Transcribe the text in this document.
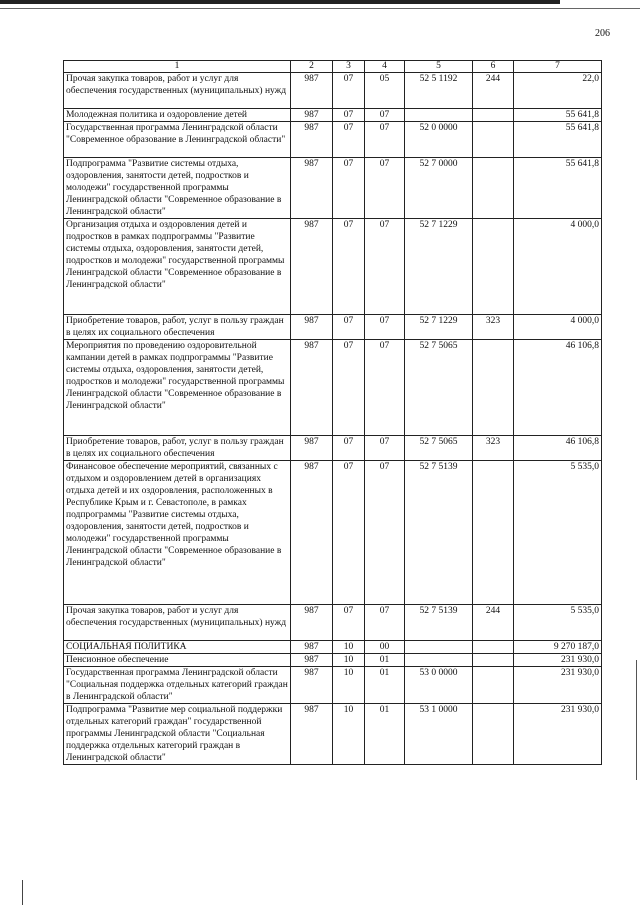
206
1	2	3	4	5	6	7
Прочая закупка товаров, работ и услуг для обеспечения государственных (муниципальных) нужд	987	07	05	52 5 1192	244	22,0
Молодежная политика и оздоровление детей	987	07	07			55 641,8
Государственная программа Ленинградской области "Современное образование в Ленинградской области"	987	07	07	52 0 0000		55 641,8
Подпрограмма "Развитие системы отдыха, оздоровления, занятости детей, подростков и молодежи" государственной программы Ленинградской области "Современное образование в Ленинградской области"	987	07	07	52 7 0000		55 641,8
Организация отдыха и оздоровления детей и подростков в рамках подпрограммы "Развитие системы отдыха, оздоровления, занятости детей, подростков и молодежи" государственной программы Ленинградской области "Современное образование в Ленинградской области"	987	07	07	52 7 1229		4 000,0
Приобретение товаров, работ, услуг в пользу граждан в целях их социального обеспечения	987	07	07	52 7 1229	323	4 000,0
Мероприятия по проведению оздоровительной кампании детей в рамках подпрограммы "Развитие системы отдыха, оздоровления, занятости детей, подростков и молодежи" государственной программы Ленинградской области "Современное образование в Ленинградской области"	987	07	07	52 7 5065		46 106,8
Приобретение товаров, работ, услуг в пользу граждан в целях их социального обеспечения	987	07	07	52 7 5065	323	46 106,8
Финансовое обеспечение мероприятий, связанных с отдыхом и оздоровлением детей в организациях отдыха детей и их оздоровления, расположенных в Республике Крым и г. Севастополе, в рамках подпрограммы "Развитие системы отдыха, оздоровления, занятости детей, подростков и молодежи" государственной программы Ленинградской области "Современное образование в Ленинградской области"	987	07	07	52 7 5139		5 535,0
Прочая закупка товаров, работ и услуг для обеспечения государственных (муниципальных) нужд	987	07	07	52 7 5139	244	5 535,0
СОЦИАЛЬНАЯ ПОЛИТИКА	987	10	00			9 270 187,0
Пенсионное обеспечение	987	10	01			231 930,0
Государственная программа Ленинградской области "Социальная поддержка отдельных категорий граждан в Ленинградской области"	987	10	01	53 0 0000		231 930,0
Подпрограмма "Развитие мер социальной поддержки отдельных категорий граждан" государственной программы Ленинградской области "Социальная поддержка отдельных категорий граждан в Ленинградской области"	987	10	01	53 1 0000		231 930,0
